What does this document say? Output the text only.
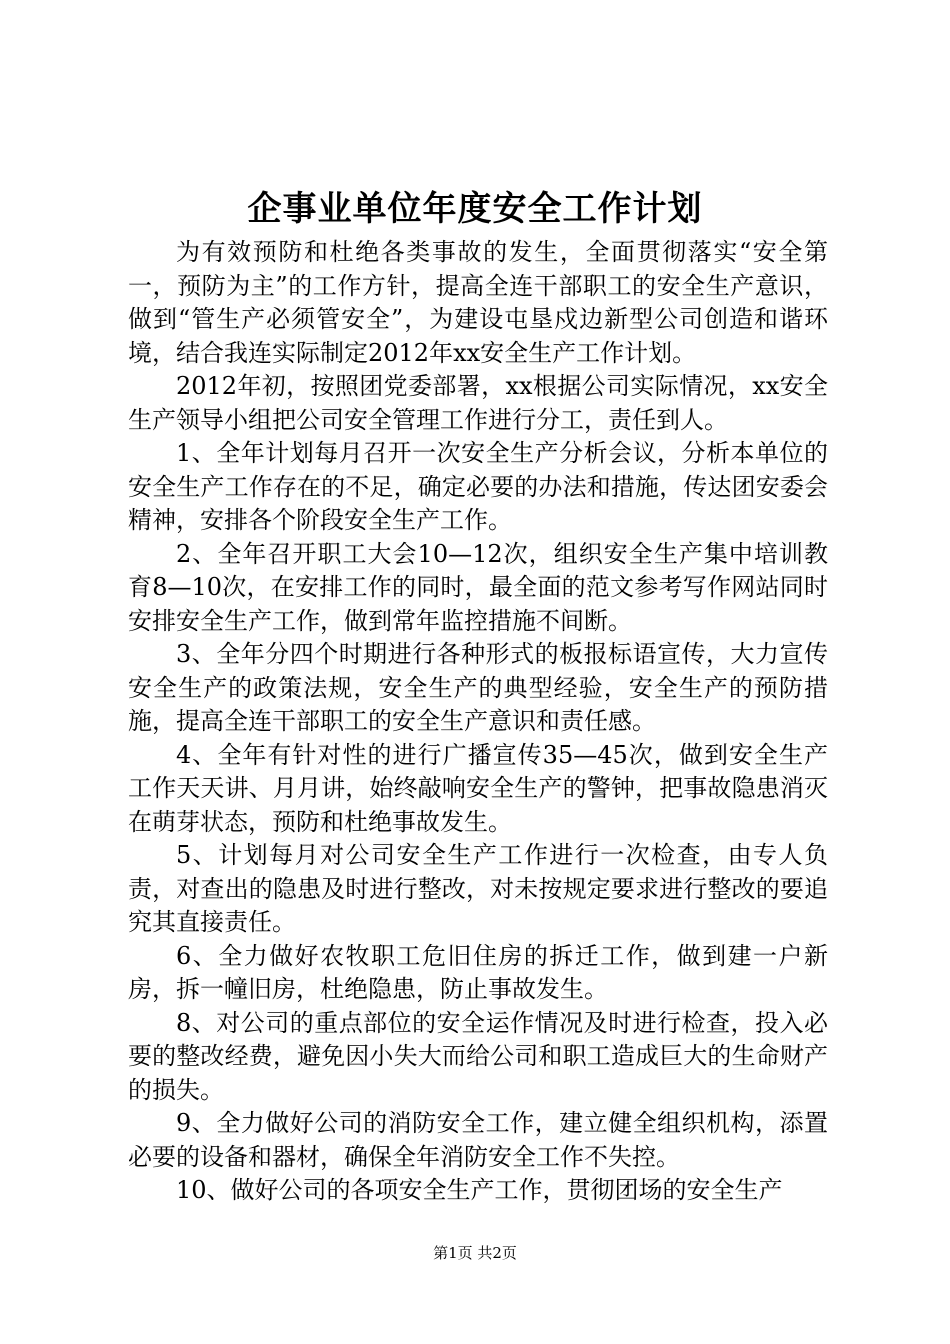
企事业单位年度安全工作计划

为有效预防和杜绝各类事故的发生，全面贯彻落实“安全第一，预防为主”的工作方针，提高全连干部职工的安全生产意识，做到“管生产必须管安全”，为建设屯垦戍边新型公司创造和谐环境，结合我连实际制定2012年xx安全生产工作计划。

2012年初，按照团党委部署，xx根据公司实际情况，xx安全生产领导小组把公司安全管理工作进行分工，责任到人。

1、全年计划每月召开一次安全生产分析会议，分析本单位的安全生产工作存在的不足，确定必要的办法和措施，传达团安委会精神，安排各个阶段安全生产工作。

2、全年召开职工大会10—12次，组织安全生产集中培训教育8—10次，在安排工作的同时，最全面的范文参考写作网站同时安排安全生产工作，做到常年监控措施不间断。

3、全年分四个时期进行各种形式的板报标语宣传，大力宣传安全生产的政策法规，安全生产的典型经验，安全生产的预防措施，提高全连干部职工的安全生产意识和责任感。

4、全年有针对性的进行广播宣传35—45次，做到安全生产工作天天讲、月月讲，始终敲响安全生产的警钟，把事故隐患消灭在萌芽状态，预防和杜绝事故发生。

5、计划每月对公司安全生产工作进行一次检查，由专人负责，对查出的隐患及时进行整改，对未按规定要求进行整改的要追究其直接责任。

6、全力做好农牧职工危旧住房的拆迁工作，做到建一户新房，拆一幢旧房，杜绝隐患，防止事故发生。

8、对公司的重点部位的安全运作情况及时进行检查，投入必要的整改经费，避免因小失大而给公司和职工造成巨大的生命财产的损失。

9、全力做好公司的消防安全工作，建立健全组织机构，添置必要的设备和器材，确保全年消防安全工作不失控。

10、做好公司的各项安全生产工作，贯彻团场的安全生产

第1页 共2页
